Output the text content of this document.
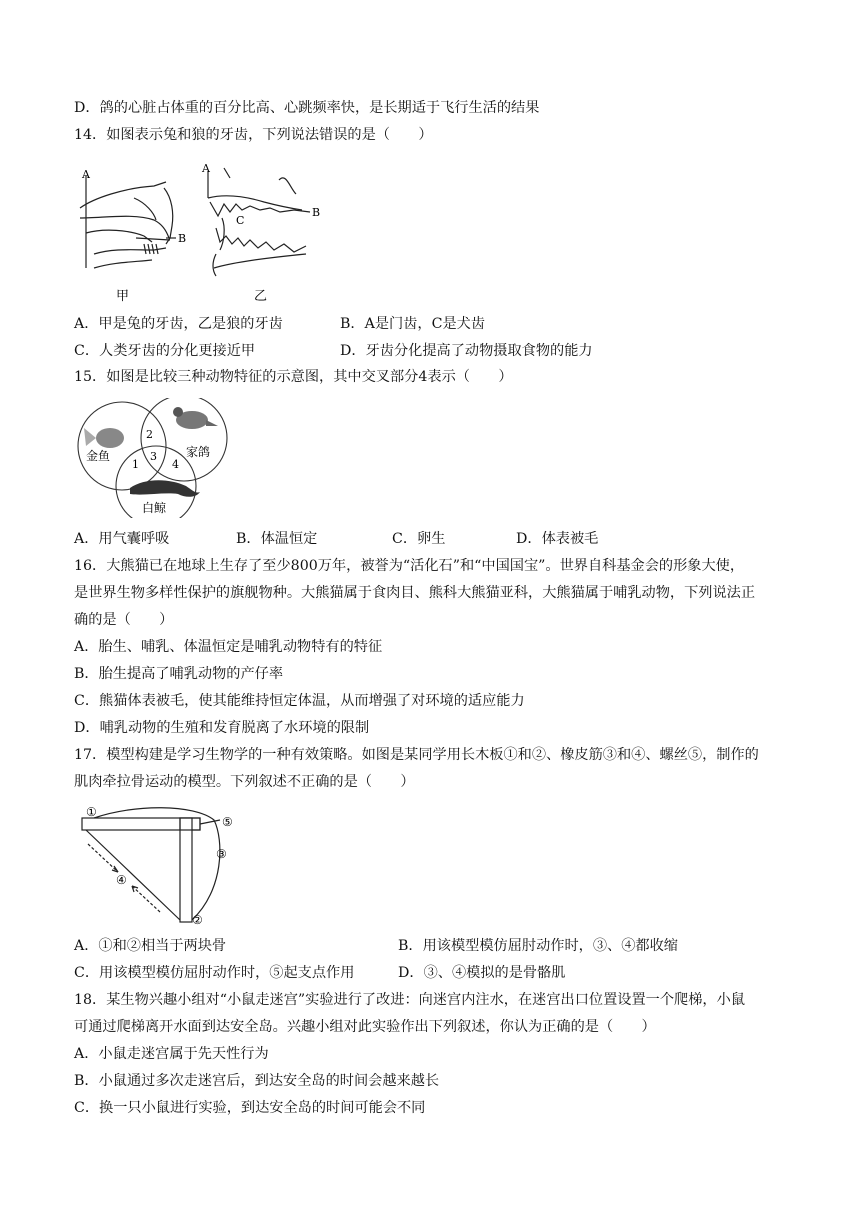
D．鸽的心脏占体重的百分比高、心跳频率快，是长期适于飞行生活的结果
14．如图表示兔和狼的牙齿，下列说法错误的是（　　）
A
B
A
C
B
甲	乙
A．甲是兔的牙齿，乙是狼的牙齿	B．A是门齿，C是犬齿
C．人类牙齿的分化更接近甲	D．牙齿分化提高了动物摄取食物的能力
15．如图是比较三种动物特征的示意图，其中交叉部分4表示（　　）
金鱼	家鸽
白鲸
2
1
3
4
A．用气囊呼吸	B．体温恒定	C．卵生	D．体表被毛
16．大熊猫已在地球上生存了至少800万年，被誉为“活化石”和“中国国宝”。世界自科基金会的形象大使，
是世界生物多样性保护的旗舰物种。大熊猫属于食肉目、熊科大熊猫亚科，大熊猫属于哺乳动物，下列说法正
确的是（　　）
A．胎生、哺乳、体温恒定是哺乳动物特有的特征
B．胎生提高了哺乳动物的产仔率
C．熊猫体表被毛，使其能维持恒定体温，从而增强了对环境的适应能力
D．哺乳动物的生殖和发育脱离了水环境的限制
17．模型构建是学习生物学的一种有效策略。如图是某同学用长木板①和②、橡皮筋③和④、螺丝⑤，制作的
肌肉牵拉骨运动的模型。下列叙述不正确的是（　　）
①
⑤
③
④
②
A．①和②相当于两块骨	B．用该模型模仿屈肘动作时，③、④都收缩
C．用该模型模仿屈肘动作时，⑤起支点作用	D．③、④模拟的是骨骼肌
18．某生物兴趣小组对“小鼠走迷宫”实验进行了改进：向迷宫内注水，在迷宫出口位置设置一个爬梯，小鼠
可通过爬梯离开水面到达安全岛。兴趣小组对此实验作出下列叙述，你认为正确的是（　　）
A．小鼠走迷宫属于先天性行为
B．小鼠通过多次走迷宫后，到达安全岛的时间会越来越长
C．换一只小鼠进行实验，到达安全岛的时间可能会不同
